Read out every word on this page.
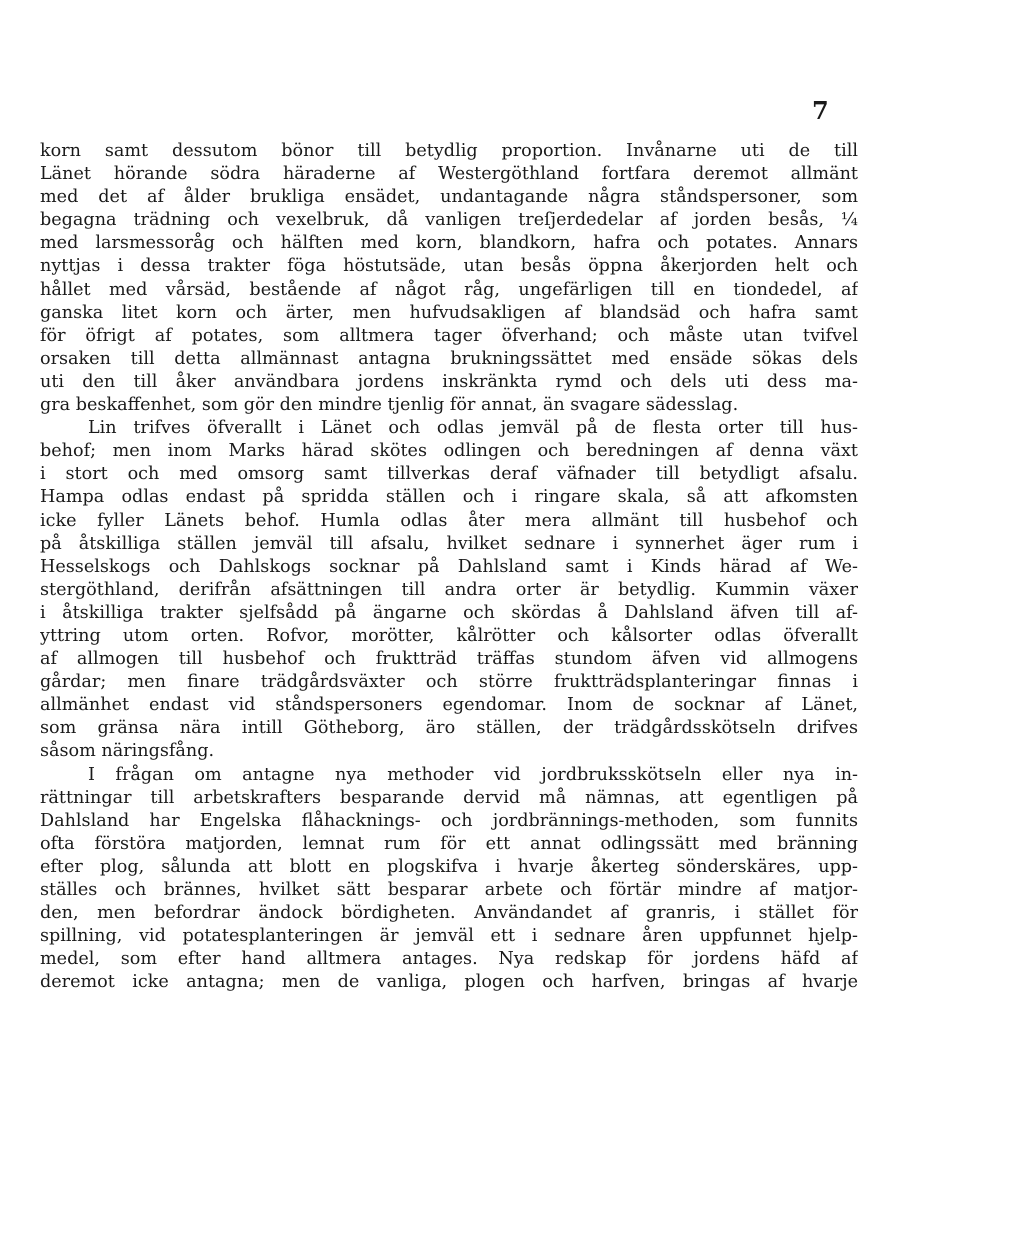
7
korn samt dessutom bönor till betydlig proportion. Invånarne uti de till
Länet hörande södra häraderne af Westergöthland fortfara deremot allmänt
med det af ålder brukliga ensädet, undantagande några ståndspersoner, som
begagna trädning och vexelbruk, då vanligen treſjerdedelar af jorden besås, ¼
med larsmessoråg och hälften med korn, blandkorn, hafra och potates. Annars
nyttjas i dessa trakter föga höstutsäde, utan besås öppna åkerjorden helt och
hållet med vårsäd, bestående af något råg, ungefärligen till en tiondedel, af
ganska litet korn och ärter, men hufvudsakligen af blandsäd och hafra samt
för öfrigt af potates, som alltmera tager öfverhand; och måste utan tvifvel
orsaken till detta allmännast antagna brukningssättet med ensäde sökas dels
uti den till åker användbara jordens inskränkta rymd och dels uti dess ma-
gra beskaffenhet, som gör den mindre tjenlig för annat, än svagare sädesslag.
Lin trifves öfverallt i Länet och odlas jemväl på de flesta orter till hus-
behof; men inom Marks härad skötes odlingen och beredningen af denna växt
i stort och med omsorg samt tillverkas deraf väfnader till betydligt afsalu.
Hampa odlas endast på spridda ställen och i ringare skala, så att afkomsten
icke fyller Länets behof. Humla odlas åter mera allmänt till husbehof och
på åtskilliga ställen jemväl till afsalu, hvilket sednare i synnerhet äger rum i
Hesselskogs och Dahlskogs socknar på Dahlsland samt i Kinds härad af We-
stergöthland, derifrån afsättningen till andra orter är betydlig. Kummin växer
i åtskilliga trakter sjelfsådd på ängarne och skördas å Dahlsland äfven till af-
yttring utom orten. Rofvor, morötter, kålrötter och kålsorter odlas öfverallt
af allmogen till husbehof och fruktträd träffas stundom äfven vid allmogens
gårdar; men finare trädgårdsväxter och större fruktträdsplanteringar finnas i
allmänhet endast vid ståndspersoners egendomar. Inom de socknar af Länet,
som gränsa nära intill Götheborg, äro ställen, der trädgårdsskötseln drifves
såsom näringsfång.
I frågan om antagne nya methoder vid jordbruksskötseln eller nya in-
rättningar till arbetskrafters besparande dervid må nämnas, att egentligen på
Dahlsland har Engelska flåhacknings- och jordbrännings-methoden, som funnits
ofta förstöra matjorden, lemnat rum för ett annat odlingssätt med bränning
efter plog, sålunda att blott en plogskifva i hvarje åkerteg sönderskäres, upp-
ställes och brännes, hvilket sätt besparar arbete och förtär mindre af matjor-
den, men befordrar ändock bördigheten. Användandet af granris, i stället för
spillning, vid potatesplanteringen är jemväl ett i sednare åren uppfunnet hjelp-
medel, som efter hand alltmera antages. Nya redskap för jordens häfd af
deremot icke antagna; men de vanliga, plogen och harfven, bringas af hvarje
